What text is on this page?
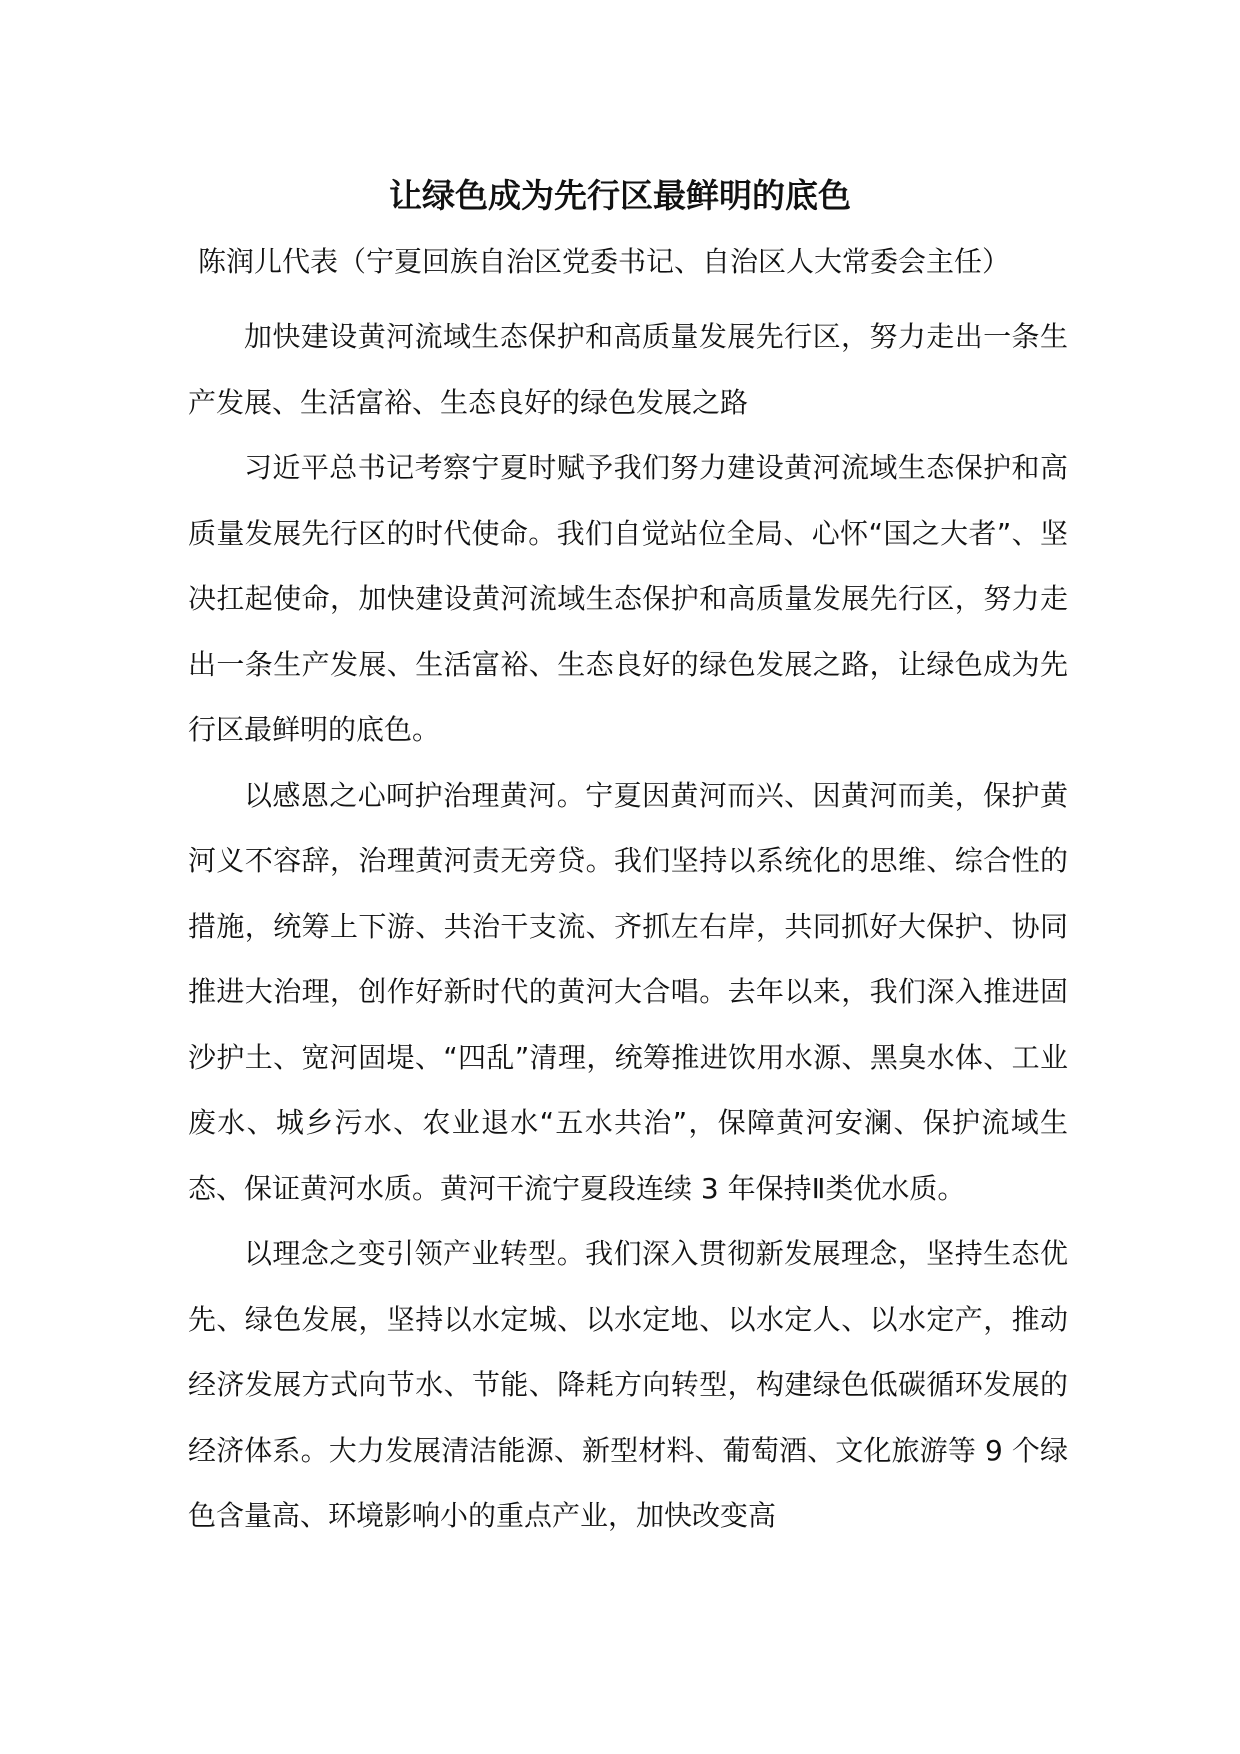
让绿色成为先行区最鲜明的底色
陈润儿代表（宁夏回族自治区党委书记、自治区人大常委会主任）

加快建设黄河流域生态保护和高质量发展先行区，努力走出一条生产发展、生活富裕、生态良好的绿色发展之路

习近平总书记考察宁夏时赋予我们努力建设黄河流域生态保护和高质量发展先行区的时代使命。我们自觉站位全局、心怀“国之大者”、坚决扛起使命，加快建设黄河流域生态保护和高质量发展先行区，努力走出一条生产发展、生活富裕、生态良好的绿色发展之路，让绿色成为先行区最鲜明的底色。

以感恩之心呵护治理黄河。宁夏因黄河而兴、因黄河而美，保护黄河义不容辞，治理黄河责无旁贷。我们坚持以系统化的思维、综合性的措施，统筹上下游、共治干支流、齐抓左右岸，共同抓好大保护、协同推进大治理，创作好新时代的黄河大合唱。去年以来，我们深入推进固沙护土、宽河固堤、“四乱”清理，统筹推进饮用水源、黑臭水体、工业废水、城乡污水、农业退水“五水共治”，保障黄河安澜、保护流域生态、保证黄河水质。黄河干流宁夏段连续 3 年保持Ⅱ类优水质。

以理念之变引领产业转型。我们深入贯彻新发展理念，坚持生态优先、绿色发展，坚持以水定城、以水定地、以水定人、以水定产，推动经济发展方式向节水、节能、降耗方向转型，构建绿色低碳循环发展的经济体系。大力发展清洁能源、新型材料、葡萄酒、文化旅游等 9 个绿色含量高、环境影响小的重点产业，加快改变高
